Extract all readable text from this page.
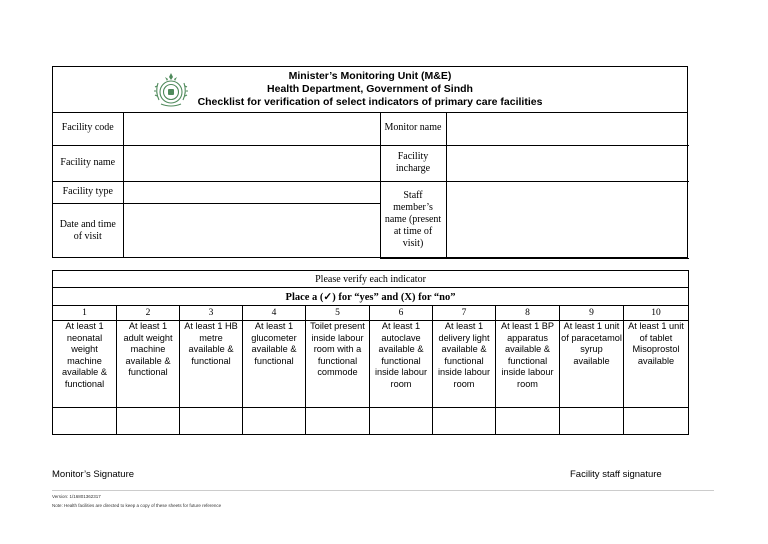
Minister’s Monitoring Unit (M&E)
Health Department, Government of Sindh
Checklist for verification of select indicators of primary care facilities
Facility code		Monitor name	
Facility name		Facility incharge	
Facility type		Staff member’s name (present at time of visit)	
Date and time of visit			
Please verify each indicator									
Place a (✓) for “yes” and (X) for “no”									
1	2	3	4	5	6	7	8	9	10
At least 1 neonatal weight machine available & functional	At least 1 adult weight machine available & functional	At least 1 HB metre available & functional	At least 1 glucometer available & functional	Toilet present inside labour room with a functional commode	At least 1 autoclave available & functional inside labour room	At least 1 delivery light available & functional inside labour room	At least 1 BP apparatus available & functional inside labour room	At least 1 unit of paracetamol syrup available	At least 1 unit of tablet Misoprostol available

Monitor’s Signature	Facility staff signature
Version: 1/16801362317
Note: Health facilities are directed to keep a copy of these sheets for future reference
